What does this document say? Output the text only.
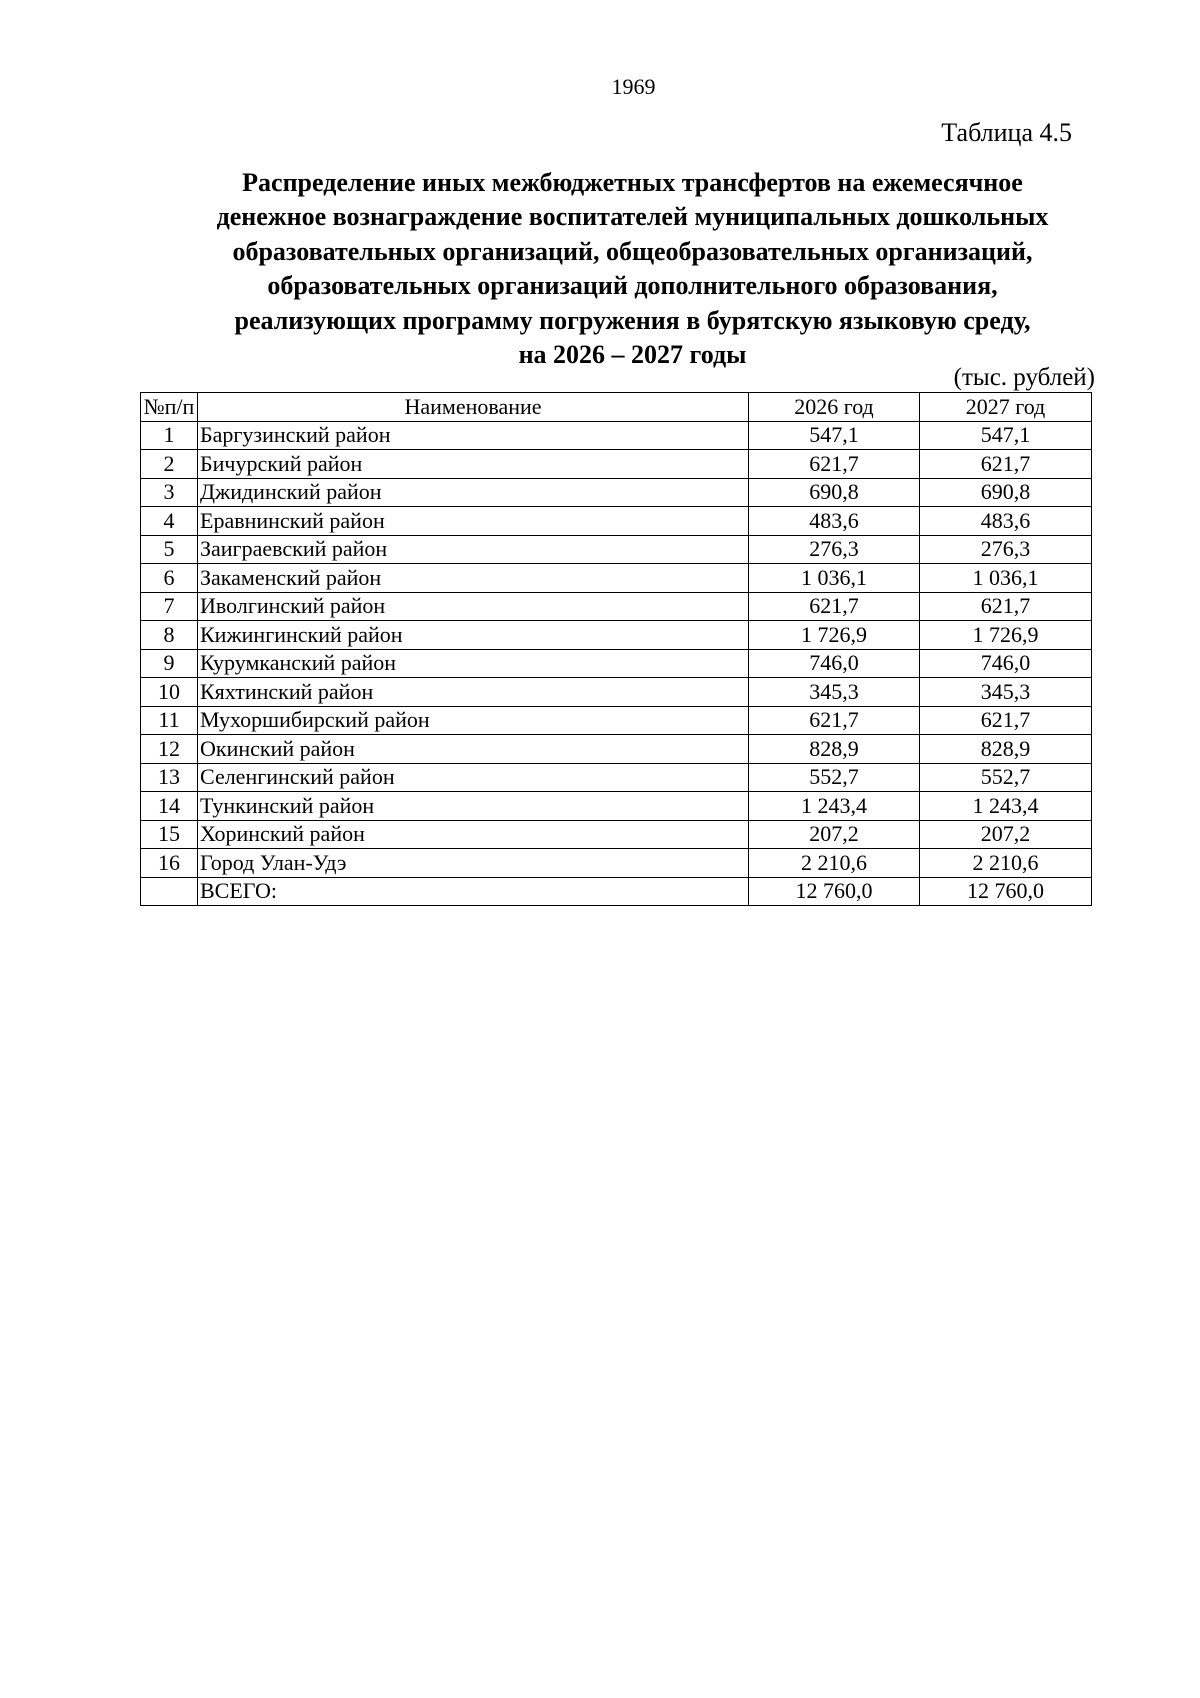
1969
Таблица 4.5
Распределение иных межбюджетных трансфертов на ежемесячное
денежное вознаграждение воспитателей муниципальных дошкольных
образовательных организаций, общеобразовательных организаций,
образовательных организаций дополнительного образования,
реализующих программу погружения в бурятскую языковую среду,
на 2026 – 2027 годы
(тыс. рублей)
№п/п	Наименование	2026 год	2027 год
1	Баргузинский район	547,1	547,1
2	Бичурский район	621,7	621,7
3	Джидинский район	690,8	690,8
4	Еравнинский район	483,6	483,6
5	Заиграевский район	276,3	276,3
6	Закаменский район	1 036,1	1 036,1
7	Иволгинский район	621,7	621,7
8	Кижингинский район	1 726,9	1 726,9
9	Курумканский район	746,0	746,0
10	Кяхтинский район	345,3	345,3
11	Мухоршибирский район	621,7	621,7
12	Окинский район	828,9	828,9
13	Селенгинский район	552,7	552,7
14	Тункинский район	1 243,4	1 243,4
15	Хоринский район	207,2	207,2
16	Город Улан-Удэ	2 210,6	2 210,6
	ВСЕГО:	12 760,0	12 760,0
